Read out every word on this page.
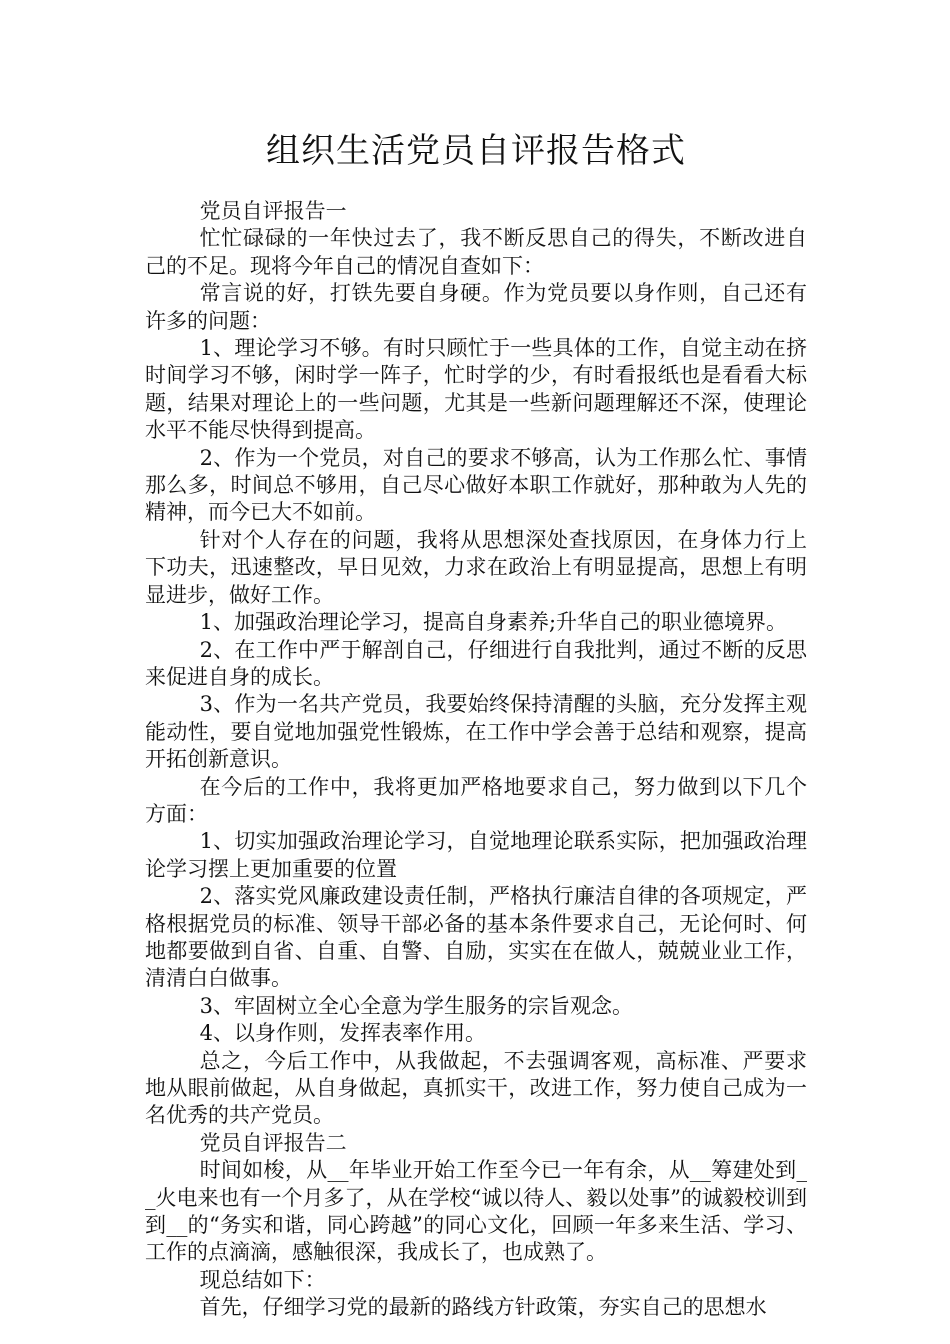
组织生活党员自评报告格式

党员自评报告一

忙忙碌碌的一年快过去了，我不断反思自己的得失，不断改进自己的不足。现将今年自己的情况自查如下：

常言说的好，打铁先要自身硬。作为党员要以身作则，自己还有许多的问题：

1、理论学习不够。有时只顾忙于一些具体的工作，自觉主动在挤时间学习不够，闲时学一阵子，忙时学的少，有时看报纸也是看看大标题，结果对理论上的一些问题，尤其是一些新问题理解还不深，使理论水平不能尽快得到提高。

2、作为一个党员，对自己的要求不够高，认为工作那么忙、事情那么多，时间总不够用，自己尽心做好本职工作就好，那种敢为人先的精神，而今已大不如前。

针对个人存在的问题，我将从思想深处查找原因，在身体力行上下功夫，迅速整改，早日见效，力求在政治上有明显提高，思想上有明显进步，做好工作。

1、加强政治理论学习，提高自身素养;升华自己的职业德境界。

2、在工作中严于解剖自己，仔细进行自我批判，通过不断的反思来促进自身的成长。

3、作为一名共产党员，我要始终保持清醒的头脑，充分发挥主观能动性，要自觉地加强党性锻炼，在工作中学会善于总结和观察，提高开拓创新意识。

在今后的工作中，我将更加严格地要求自己，努力做到以下几个方面：

1、切实加强政治理论学习，自觉地理论联系实际，把加强政治理论学习摆上更加重要的位置

2、落实党风廉政建设责任制，严格执行廉洁自律的各项规定，严格根据党员的标准、领导干部必备的基本条件要求自己，无论何时、何地都要做到自省、自重、自警、自励，实实在在做人，兢兢业业工作，清清白白做事。

3、牢固树立全心全意为学生服务的宗旨观念。

4、以身作则，发挥表率作用。

总之，今后工作中，从我做起，不去强调客观，高标准、严要求地从眼前做起，从自身做起，真抓实干，改进工作，努力使自己成为一名优秀的共产党员。

党员自评报告二

时间如梭，从__年毕业开始工作至今已一年有余，从__筹建处到__火电来也有一个月多了，从在学校“诚以待人、毅以处事”的诚毅校训到到__的“务实和谐，同心跨越”的同心文化，回顾一年多来生活、学习、工作的点滴滴，感触很深，我成长了，也成熟了。

现总结如下：

首先，仔细学习党的最新的路线方针政策，夯实自己的思想水
